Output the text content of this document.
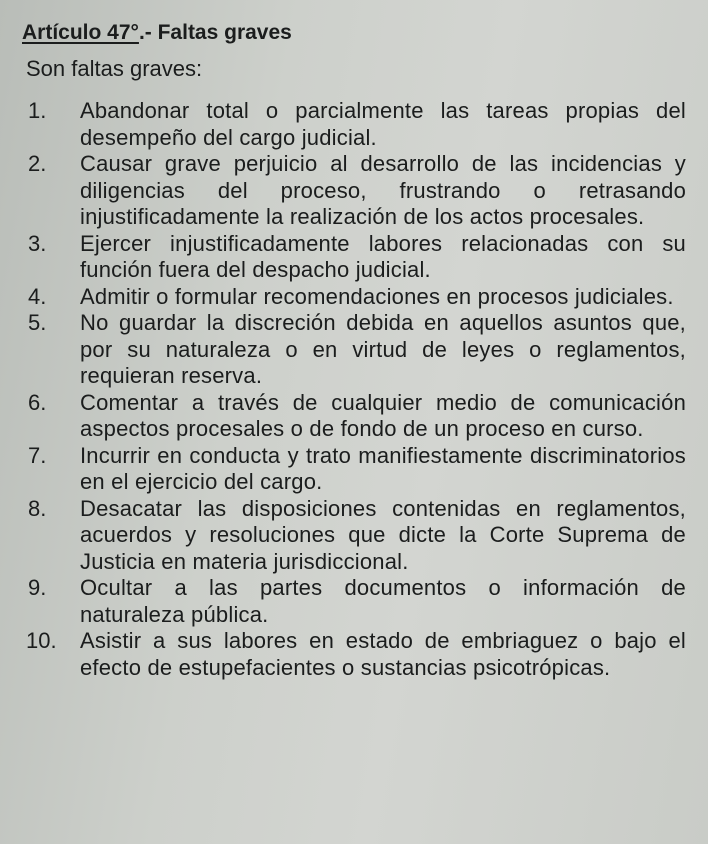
Artículo 47°.- Faltas graves
Son faltas graves:
1. Abandonar total o parcialmente las tareas propias del desempeño del cargo judicial.
2. Causar grave perjuicio al desarrollo de las incidencias y diligencias del proceso, frustrando o retrasando injustificadamente la realización de los actos procesales.
3. Ejercer injustificadamente labores relacionadas con su función fuera del despacho judicial.
4. Admitir o formular recomendaciones en procesos judiciales.
5. No guardar la discreción debida en aquellos asuntos que, por su naturaleza o en virtud de leyes o reglamentos, requieran reserva.
6. Comentar a través de cualquier medio de comunicación aspectos procesales o de fondo de un proceso en curso.
7. Incurrir en conducta y trato manifiestamente discriminatorios en el ejercicio del cargo.
8. Desacatar las disposiciones contenidas en reglamentos, acuerdos y resoluciones que dicte la Corte Suprema de Justicia en materia jurisdiccional.
9. Ocultar a las partes documentos o información de naturaleza pública.
10. Asistir a sus labores en estado de embriaguez o bajo el efecto de estupefacientes o sustancias psicotrópicas.
